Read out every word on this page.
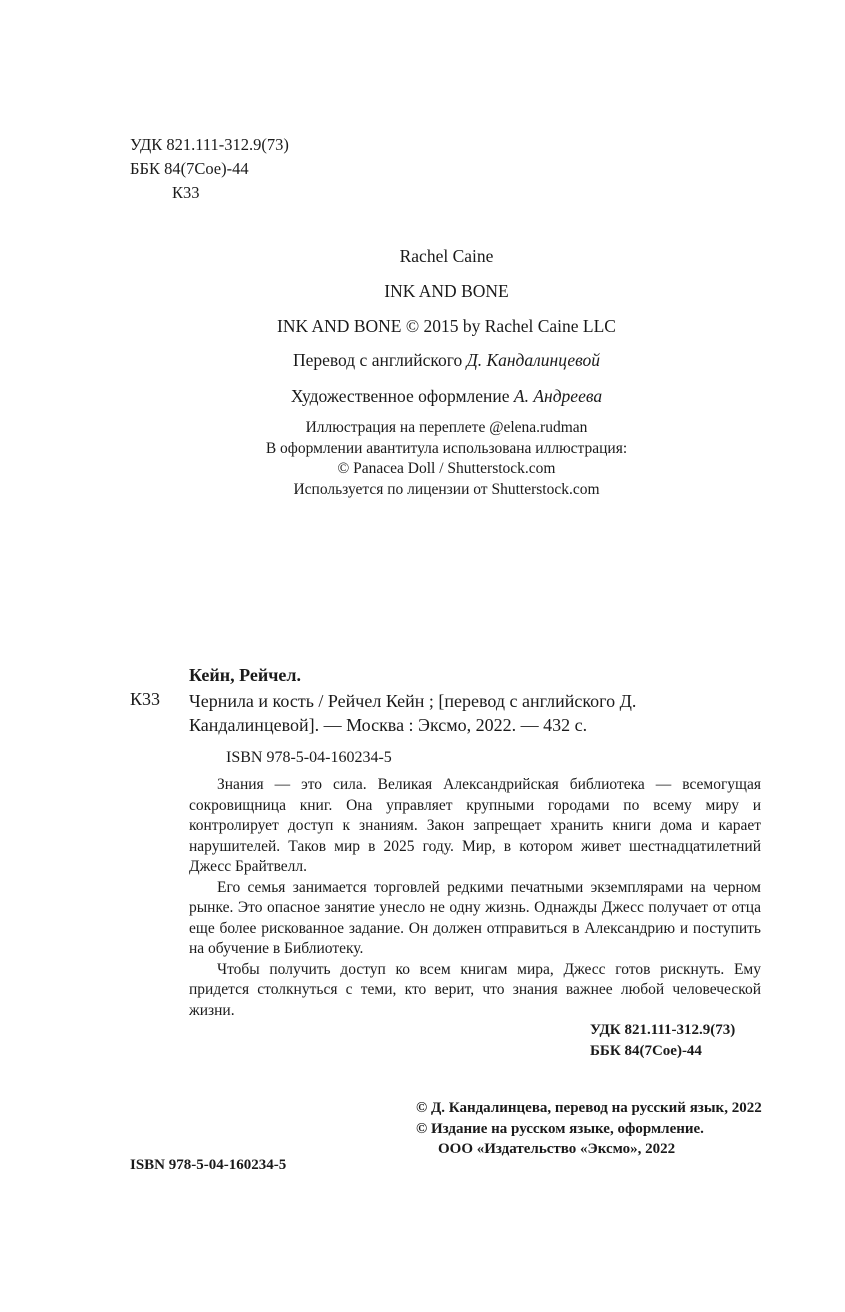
УДК 821.111-312.9(73)
ББК 84(7Сое)-44
К33
Rachel Caine
INK AND BONE
INK AND BONE © 2015 by Rachel Caine LLC
Перевод с английского Д. Кандалинцевой
Художественное оформление А. Андреева
Иллюстрация на переплете @elena.rudman
В оформлении авантитула использована иллюстрация:
© Panacea Doll / Shutterstock.com
Используется по лицензии от Shutterstock.com
Кейн, Рейчел.
К33 Чернила и кость / Рейчел Кейн ; [перевод с английского Д. Кандалинцевой]. — Москва : Эксмо, 2022. — 432 с.
ISBN 978-5-04-160234-5

Знания — это сила. Великая Александрийская библиотека — всемогущая сокровищница книг. Она управляет крупными городами по всему миру и контролирует доступ к знаниям. Закон запрещает хранить книги дома и карает нарушителей. Таков мир в 2025 году. Мир, в котором живет шестнадцатилетний Джесс Брайтвелл.

Его семья занимается торговлей редкими печатными экземплярами на черном рынке. Это опасное занятие унесло не одну жизнь. Однажды Джесс получает от отца еще более рискованное задание. Он должен отправиться в Александрию и поступить на обучение в Библиотеку.

Чтобы получить доступ ко всем книгам мира, Джесс готов рискнуть. Ему придется столкнуться с теми, кто верит, что знания важнее любой человеческой жизни.

УДК 821.111-312.9(73)
ББК 84(7Сое)-44
© Д. Кандалинцева, перевод на русский язык, 2022
© Издание на русском языке, оформление.
ООО «Издательство «Эксмо», 2022
ISBN 978-5-04-160234-5
